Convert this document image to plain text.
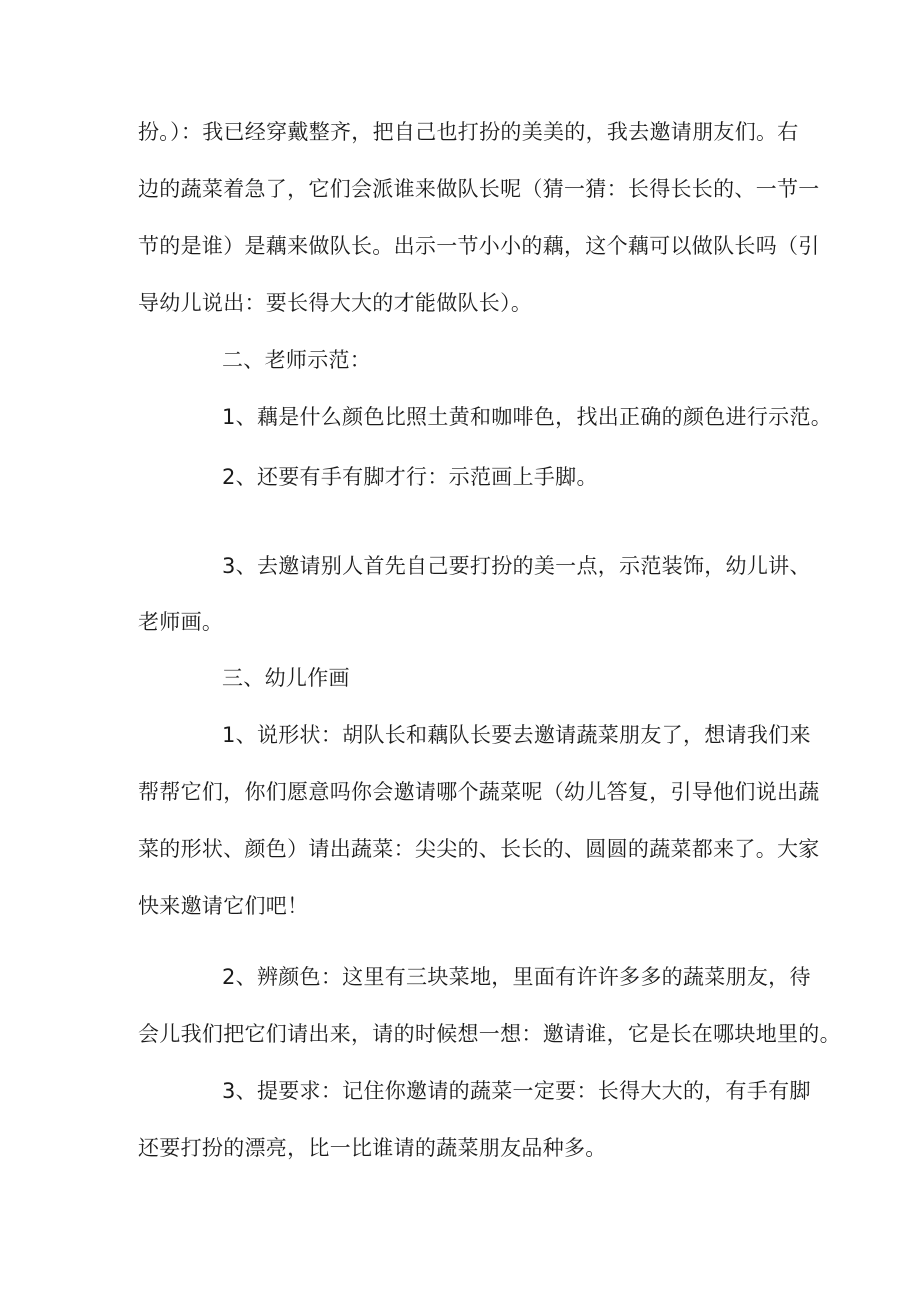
扮。）：我已经穿戴整齐，把自己也打扮的美美的，我去邀请朋友们。右
边的蔬菜着急了，它们会派谁来做队长呢（猜一猜：长得长长的、一节一
节的是谁）是藕来做队长。出示一节小小的藕，这个藕可以做队长吗（引
导幼儿说出：要长得大大的才能做队长）。
二、老师示范：
1、藕是什么颜色比照土黄和咖啡色，找出正确的颜色进行示范。
2、还要有手有脚才行：示范画上手脚。
3、去邀请别人首先自己要打扮的美一点，示范装饰，幼儿讲、
老师画。
三、幼儿作画
1、说形状：胡队长和藕队长要去邀请蔬菜朋友了，想请我们来
帮帮它们，你们愿意吗你会邀请哪个蔬菜呢（幼儿答复，引导他们说出蔬
菜的形状、颜色）请出蔬菜：尖尖的、长长的、圆圆的蔬菜都来了。大家
快来邀请它们吧！
2、辨颜色：这里有三块菜地，里面有许许多多的蔬菜朋友，待
会儿我们把它们请出来，请的时候想一想：邀请谁，它是长在哪块地里的。
3、提要求：记住你邀请的蔬菜一定要：长得大大的，有手有脚
还要打扮的漂亮，比一比谁请的蔬菜朋友品种多。
